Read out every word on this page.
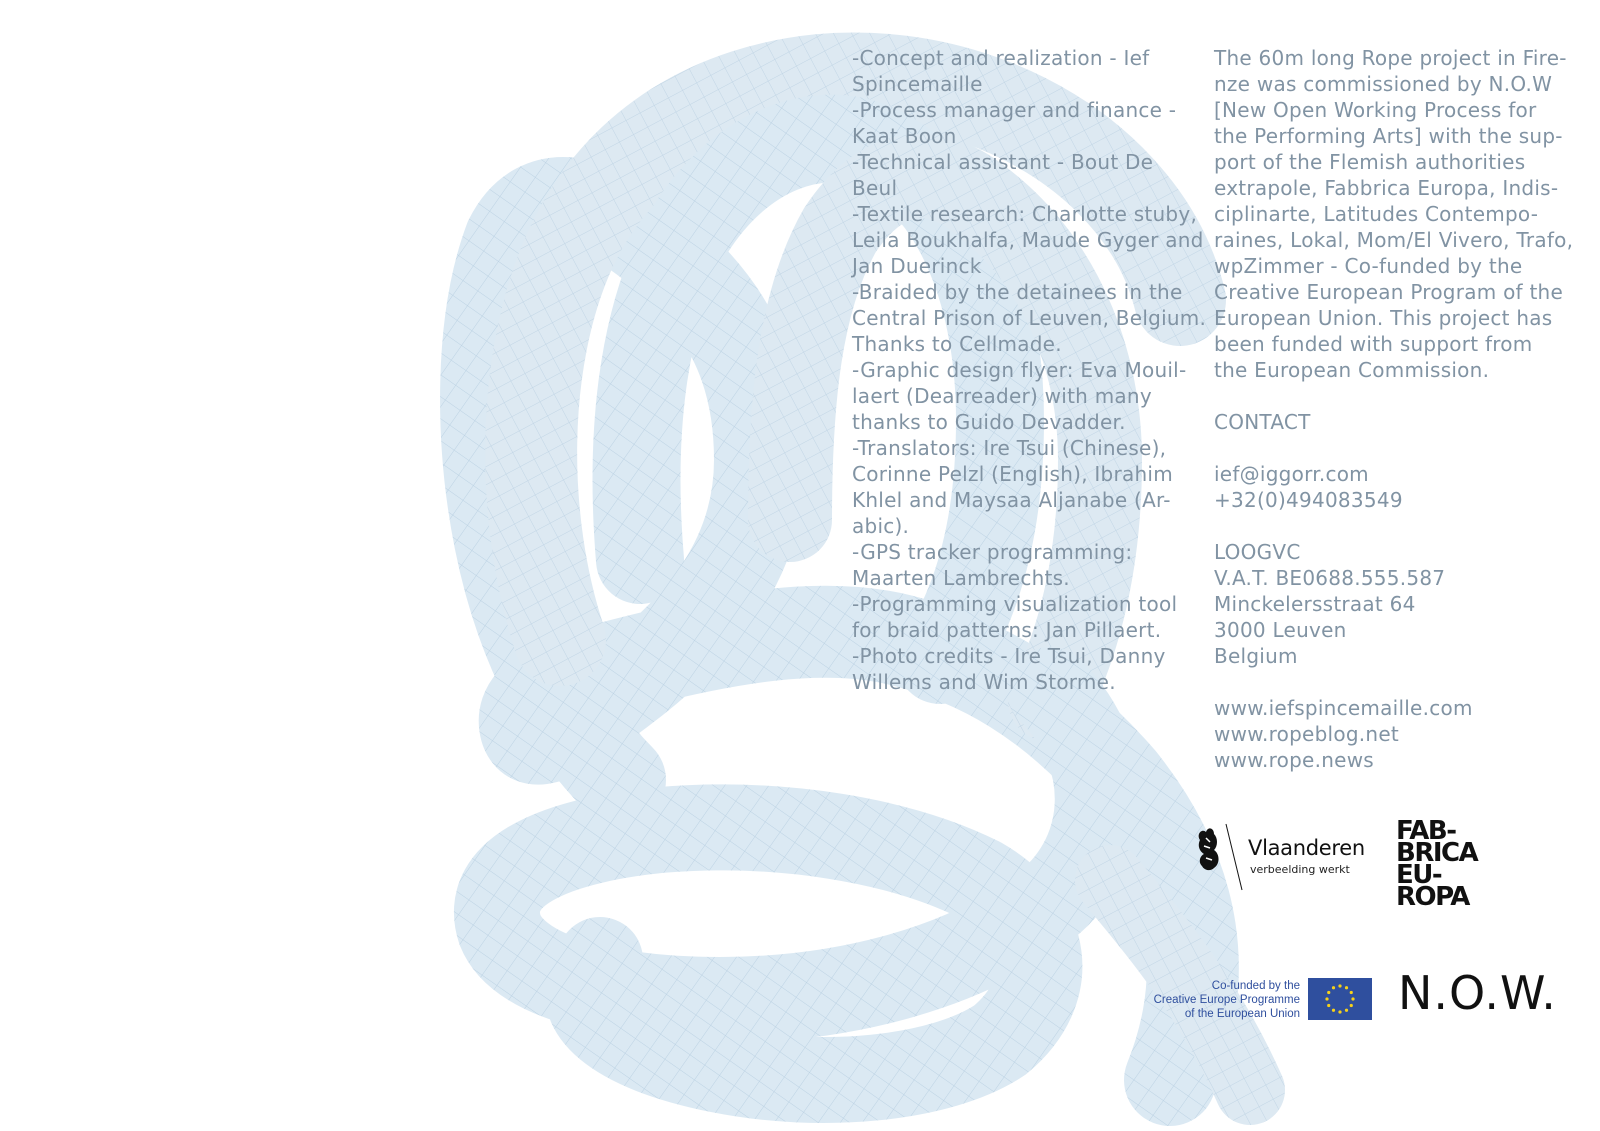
-Concept and realization - Ief
Spincemaille
-Process manager and finance -
Kaat Boon
-Technical assistant - Bout De
Beul
-Textile research: Charlotte stuby,
Leila Boukhalfa, Maude Gyger and
Jan Duerinck
-Braided by the detainees in the
Central Prison of Leuven, Belgium.
Thanks to Cellmade.
-Graphic design flyer: Eva Mouil-
laert (Dearreader) with many
thanks to Guido Devadder.
-Translators: Ire Tsui (Chinese),
Corinne Pelzl (English), Ibrahim
Khlel and Maysaa Aljanabe (Ar-
abic).
-GPS tracker programming:
Maarten Lambrechts.
-Programming visualization tool
for braid patterns: Jan Pillaert.
-Photo credits - Ire Tsui, Danny
Willems and Wim Storme.
The 60m long Rope project in Fire-
nze was commissioned by N.O.W
[New Open Working Process for
the Performing Arts] with the sup-
port of the Flemish authorities
extrapole, Fabbrica Europa, Indis-
ciplinarte, Latitudes Contempo-
raines, Lokal, Mom/El Vivero, Trafo,
wpZimmer - Co-funded by the
Creative European Program of the
European Union. This project has
been funded with support from
the European Commission.
CONTACT
ief@iggorr.com
+32(0)494083549
LOOGVC
V.A.T. BE0688.555.587
Minckelersstraat 64
3000 Leuven
Belgium
www.iefspincemaille.com
www.ropeblog.net
www.rope.news
Vlaanderen
verbeelding werkt
FAB-
BRICA
EU-
ROPA
Co-funded by the
Creative Europe Programme
of the European Union N.O.W.
